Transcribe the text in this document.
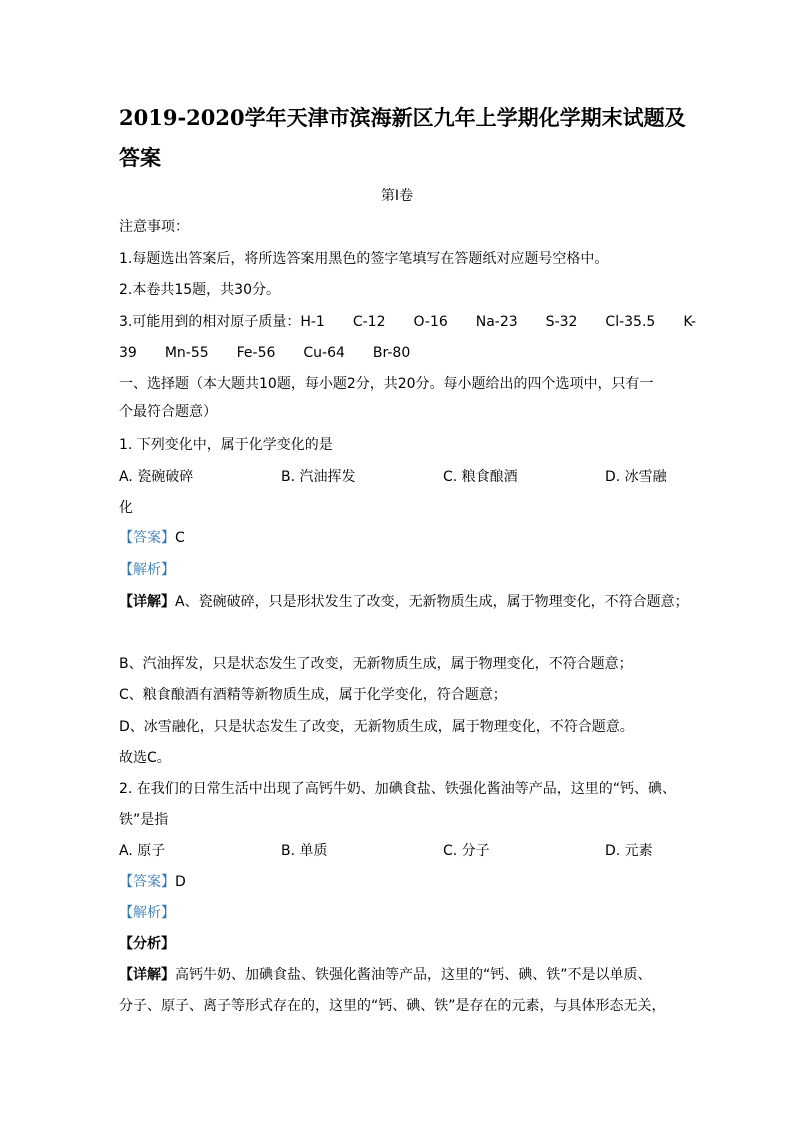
2019-2020学年天津市滨海新区九年上学期化学期末试题及
答案
第I卷
注意事项：
1.每题选出答案后，将所选答案用黑色的签字笔填写在答题纸对应题号空格中。
2.本卷共15题，共30分。
3.可能用到的相对原子质量：H-1　　C-12　　O-16　　Na-23　　S-32　　Cl-35.5　　K-
39　　Mn-55　　Fe-56　　Cu-64　　Br-80
一、选择题（本大题共10题，每小题2分，共20分。每小题给出的四个选项中，只有一
个最符合题意）
1. 下列变化中，属于化学变化的是
A. 瓷碗破碎	B. 汽油挥发	C. 粮食酿酒	D. 冰雪融
化
【答案】C
【解析】
【详解】A、瓷碗破碎，只是形状发生了改变，无新物质生成，属于物理变化，不符合题意；
B、汽油挥发，只是状态发生了改变，无新物质生成，属于物理变化，不符合题意；
C、粮食酿酒有酒精等新物质生成，属于化学变化，符合题意；
D、冰雪融化，只是状态发生了改变，无新物质生成，属于物理变化，不符合题意。
故选C。
2. 在我们的日常生活中出现了高钙牛奶、加碘食盐、铁强化酱油等产品，这里的“钙、碘、
铁”是指
A. 原子	B. 单质	C. 分子	D. 元素
【答案】D
【解析】
【分析】
【详解】高钙牛奶、加碘食盐、铁强化酱油等产品，这里的“钙、碘、铁”不是以单质、
分子、原子、离子等形式存在的，这里的“钙、碘、铁”是存在的元素，与具体形态无关，
